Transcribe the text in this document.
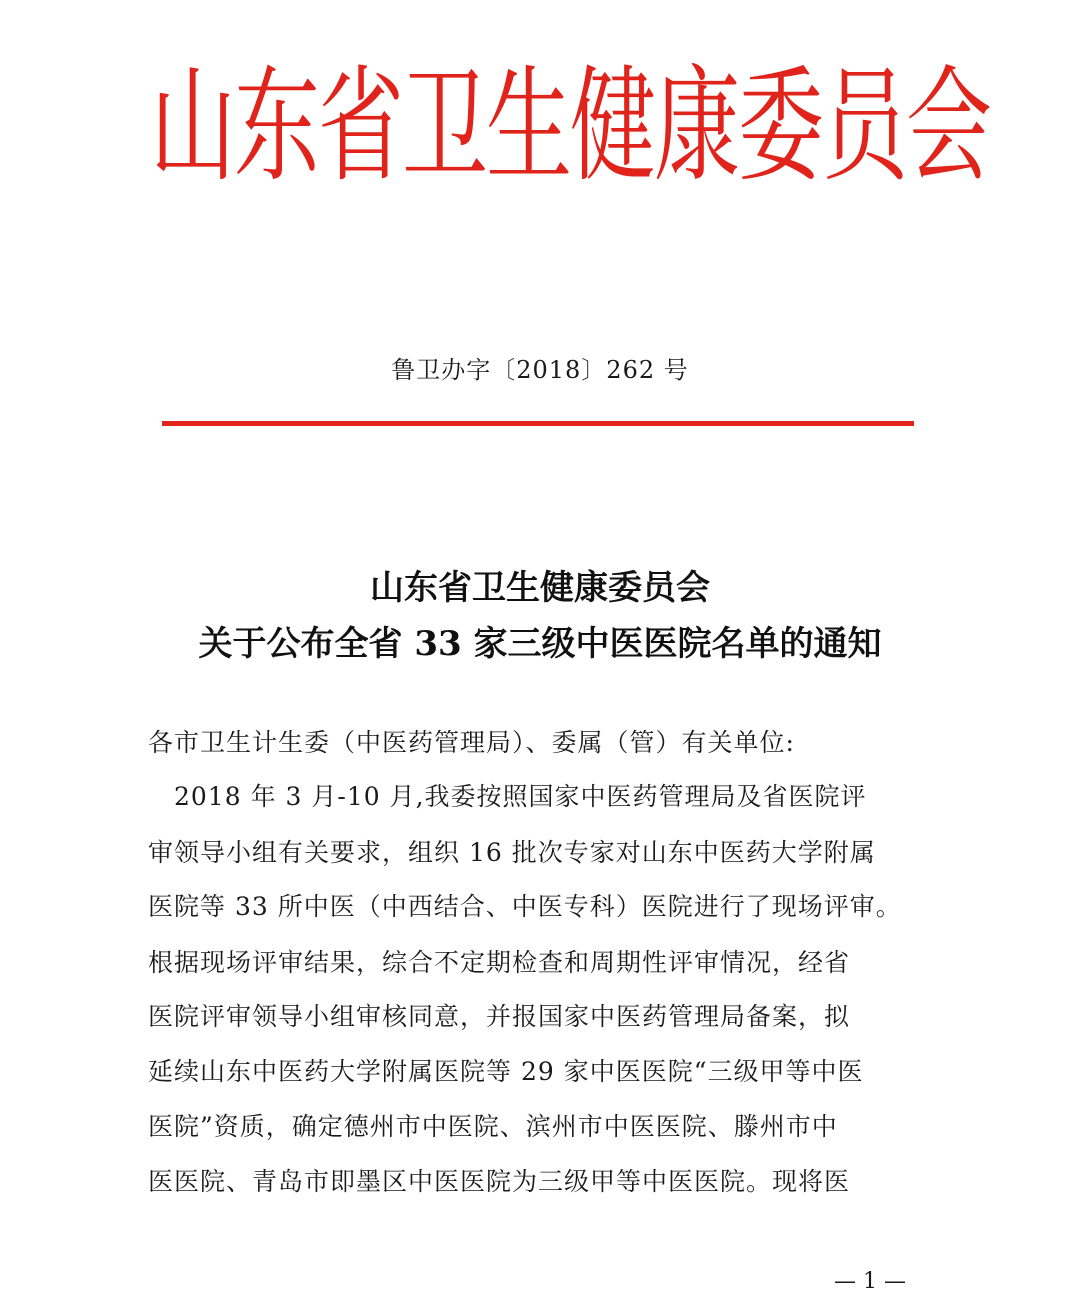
山东省卫生健康委员会
鲁卫办字〔2018〕262 号
山东省卫生健康委员会
关于公布全省 33 家三级中医医院名单的通知
各市卫生计生委（中医药管理局）、委属（管）有关单位:
　2018 年 3 月-10 月,我委按照国家中医药管理局及省医院评
审领导小组有关要求，组织 16 批次专家对山东中医药大学附属
医院等 33 所中医（中西结合、中医专科）医院进行了现场评审。
根据现场评审结果，综合不定期检查和周期性评审情况，经省
医院评审领导小组审核同意，并报国家中医药管理局备案，拟
延续山东中医药大学附属医院等 29 家中医医院“三级甲等中医
医院”资质，确定德州市中医院、滨州市中医医院、滕州市中
医医院、青岛市即墨区中医医院为三级甲等中医医院。现将医
— 1 —
